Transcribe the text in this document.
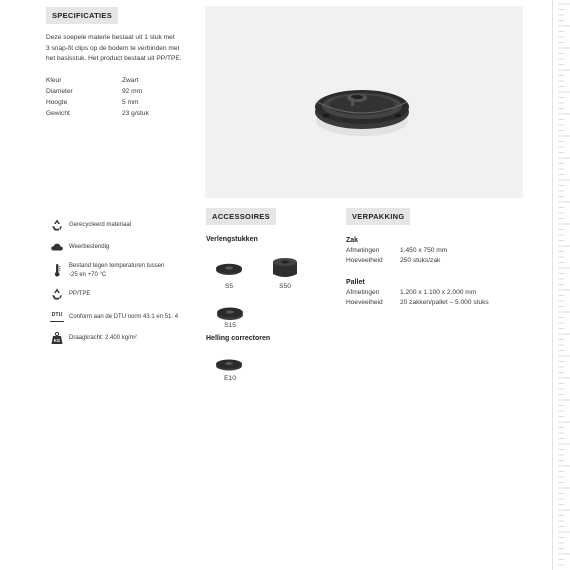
SPECIFICATIES
Deze soepele materie bestaat uit 1 stuk met
3 snap-fit clips op de bodem te verbinden met
het basisstuk. Het product bestaat uit PP/TPE.
Kleur	Zwart
Diameter	92 mm
Hoogte	5 mm
Gewicht	23 g/stuk
Gerecycleerd materiaal
Weerbestendig
Bestand tegen temperaturen tussen
-25 en +70 °C
PP/TPE
DTU Conform aan de DTU norm 43.1 en 51. 4
KG	Draagkracht: 2.400 kg/m²
ACCESSOIRES
Verlengstukken
S5	S50
S15
Helling correctoren
E10
VERPAKKING
Zak
Afmetingen	1.450 x 750 mm
Hoeveelheid	250 stuks/zak
Pallet
Afmetingen	1.200 x 1.100 x 2.000 mm
Hoeveelheid	20 zakken/pallet – 5.000 stuks
